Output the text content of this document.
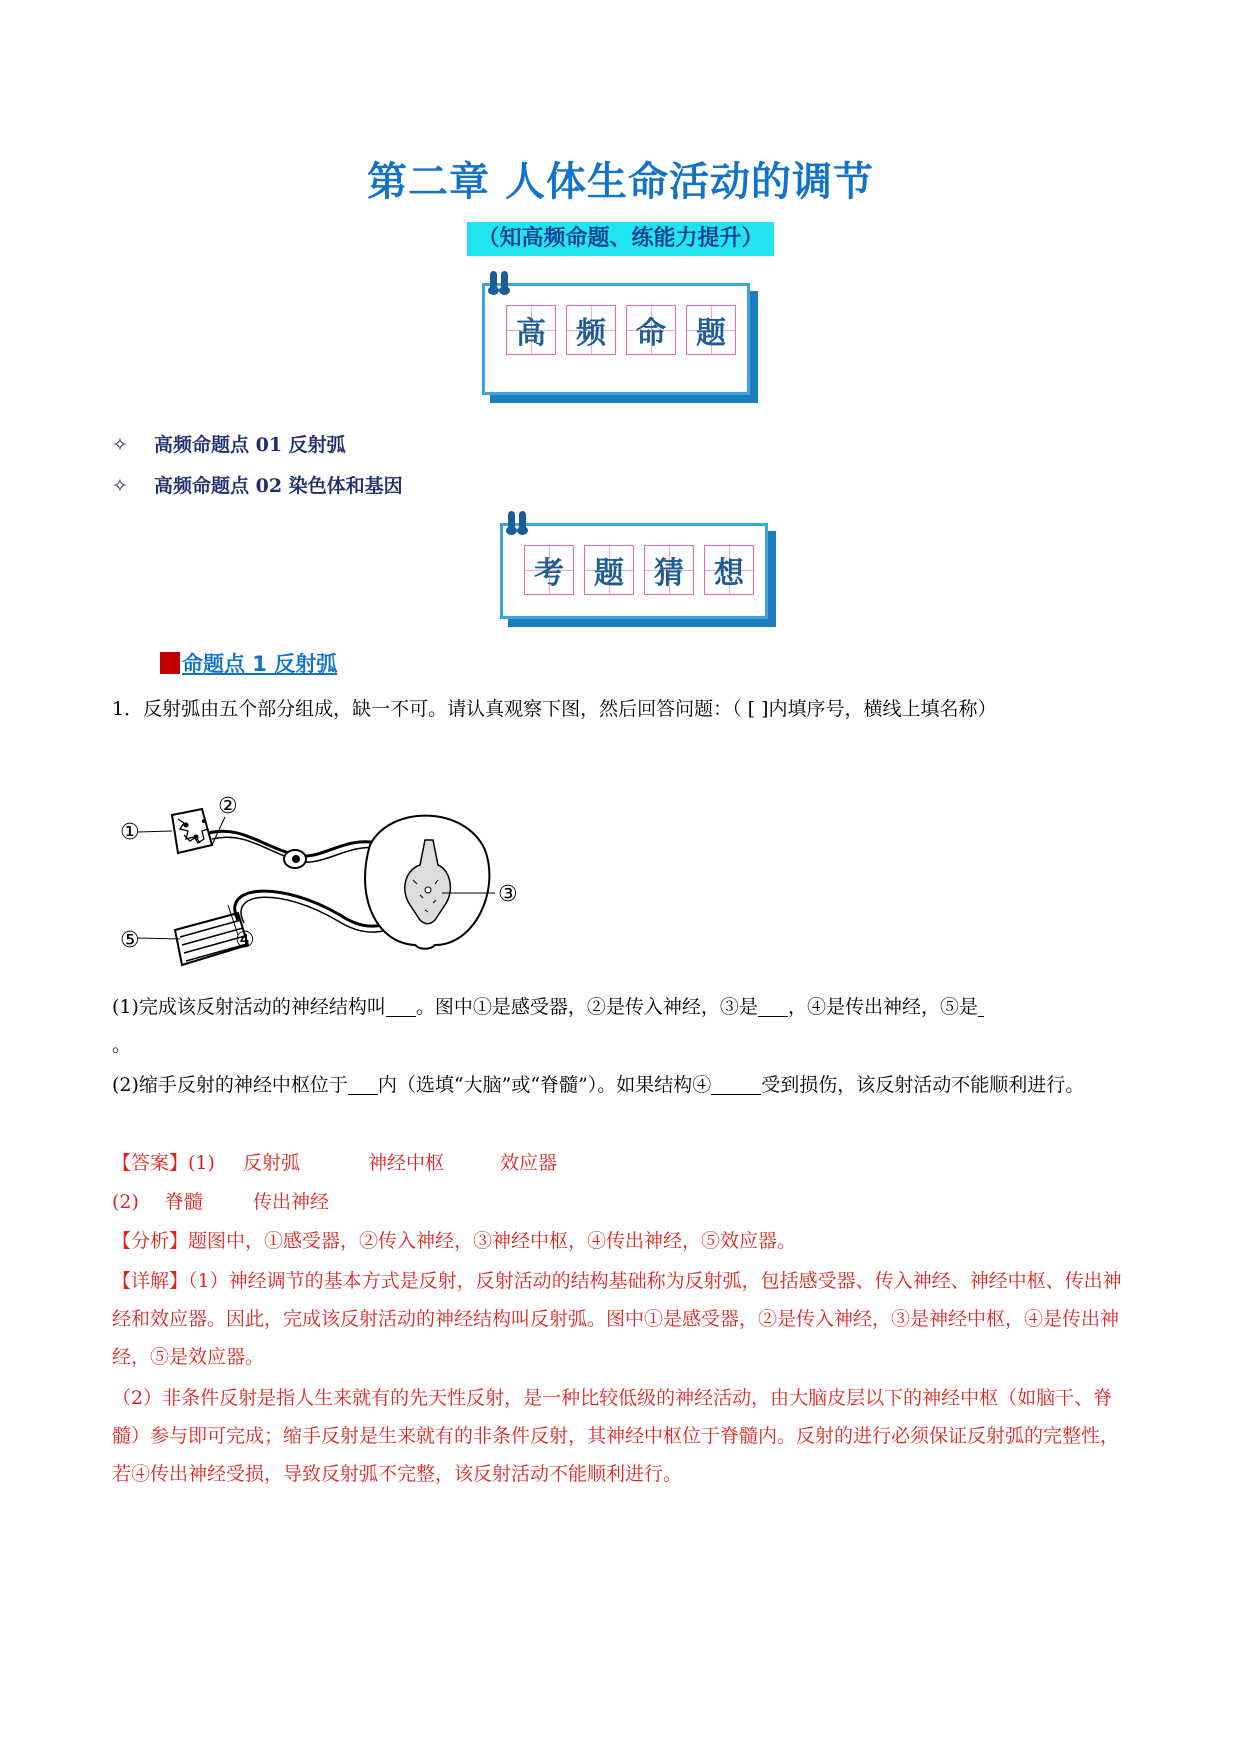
第二章 人体生命活动的调节
（知高频命题、练能力提升）
高 频 命 题
✧ 高频命题点 01 反射弧
✧ 高频命题点 02 染色体和基因
考 题 猜 想
命题点 1 反射弧
1．反射弧由五个部分组成，缺一不可。请认真观察下图，然后回答问题：（ [ ]内填序号，横线上填名称）
①
②
③
④
⑤
(1)完成该反射活动的神经结构叫 。图中①是感受器，②是传入神经，③是 ，④是传出神经，⑤是
。
(2)缩手反射的神经中枢位于 内（选填“大脑”或“脊髓”）。如果结构④	受到损伤，该反射活动不能顺利进行。
【答案】(1) 反射弧	神经中枢	效应器
(2) 脊髓	传出神经
【分析】题图中，①感受器，②传入神经，③神经中枢，④传出神经，⑤效应器。
【详解】（1）神经调节的基本方式是反射，反射活动的结构基础称为反射弧，包括感受器、传入神经、神经中枢、传出神经和效应器。因此，完成该反射活动的神经结构叫反射弧。图中①是感受器，②是传入神经，③是神经中枢，④是传出神经，⑤是效应器。
（2）非条件反射是指人生来就有的先天性反射，是一种比较低级的神经活动，由大脑皮层以下的神经中枢（如脑干、脊髓）参与即可完成；缩手反射是生来就有的非条件反射，其神经中枢位于脊髓内。反射的进行必须保证反射弧的完整性，若④传出神经受损，导致反射弧不完整，该反射活动不能顺利进行。
